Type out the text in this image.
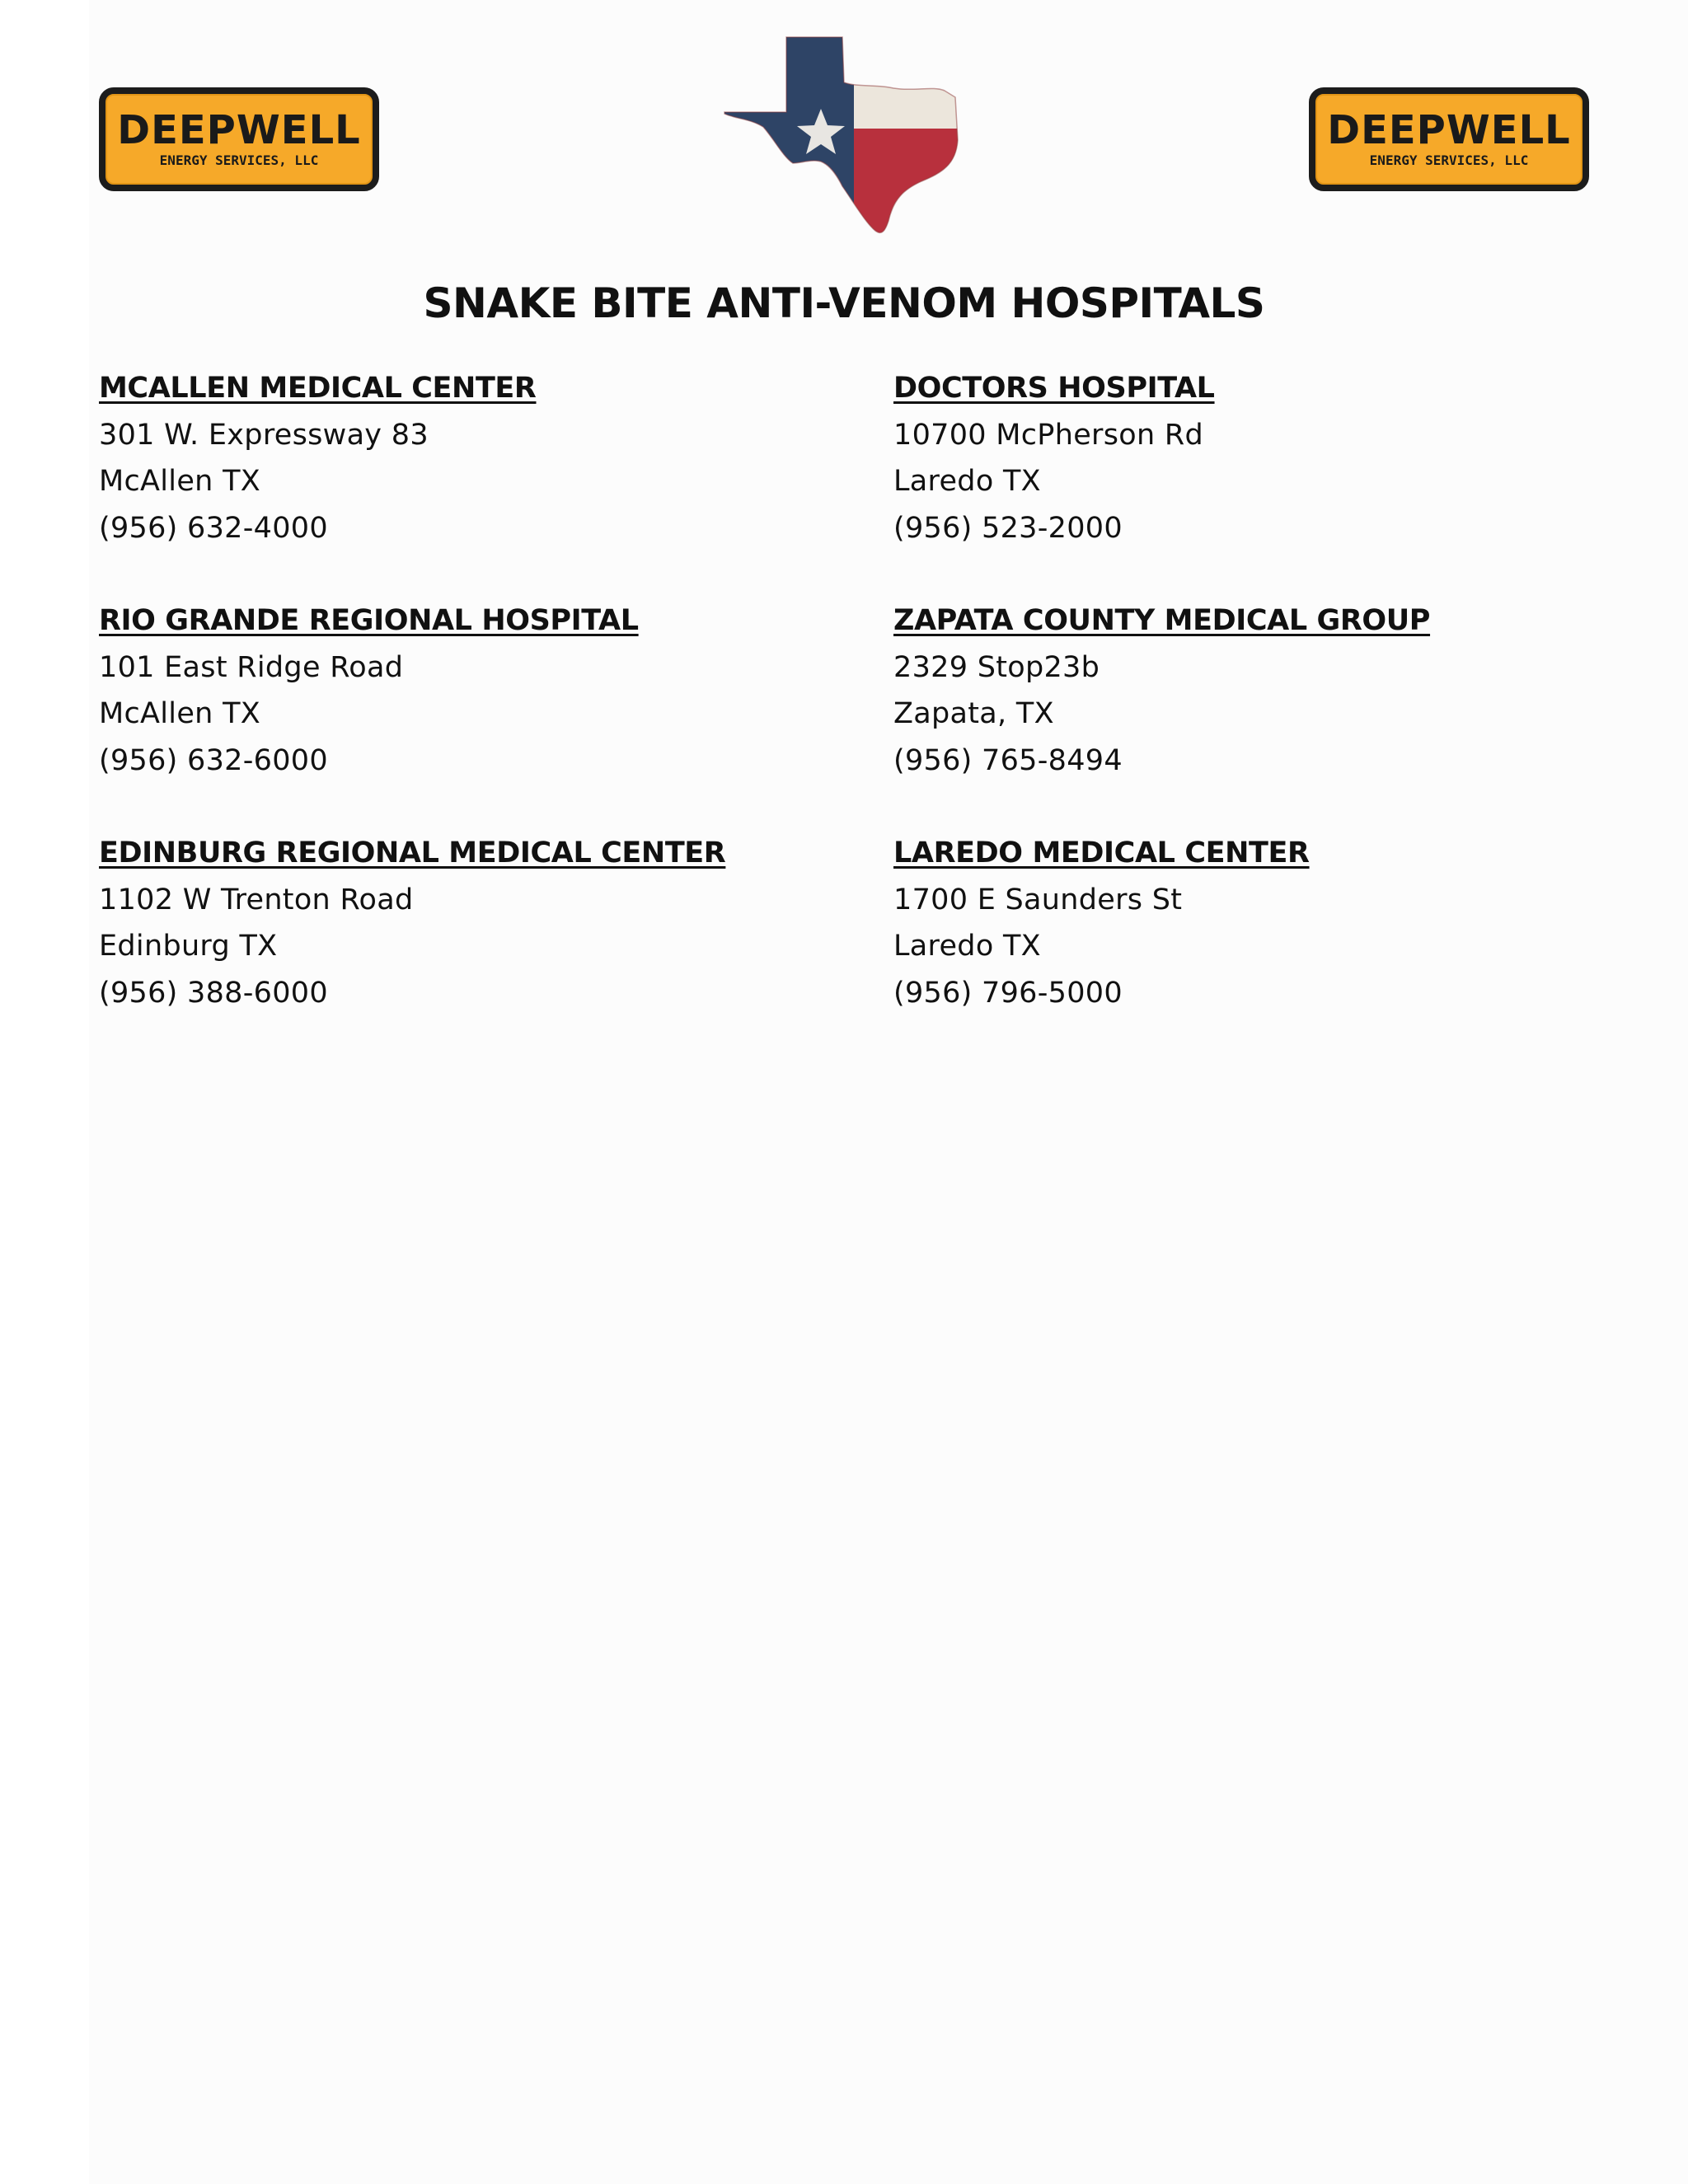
DEEPWELL
ENERGY SERVICES, LLC
DEEPWELL
ENERGY SERVICES, LLC
SNAKE BITE ANTI-VENOM HOSPITALS
MCALLEN MEDICAL CENTER
301 W. Expressway 83
McAllen TX
(956) 632-4000
DOCTORS HOSPITAL
10700 McPherson Rd
Laredo TX
(956) 523-2000
RIO GRANDE REGIONAL HOSPITAL
101 East Ridge Road
McAllen TX
(956) 632-6000
ZAPATA COUNTY MEDICAL GROUP
2329 Stop23b
Zapata, TX
(956) 765-8494
EDINBURG REGIONAL MEDICAL CENTER
1102 W Trenton Road
Edinburg TX
(956) 388-6000
LAREDO MEDICAL CENTER
1700 E Saunders St
Laredo TX
(956) 796-5000
